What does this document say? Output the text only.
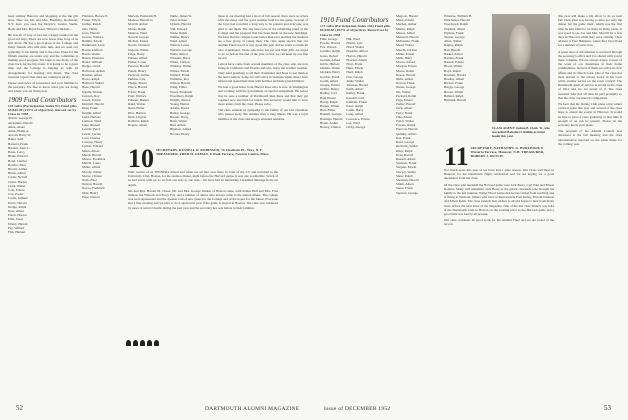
been visiting Hanover and shopping at the Inn gift shop. Here are Mr. and Mrs. Bradbury, Rochester, N.Y. have you seen the Dreyer's, Grants, Snells, Beals and Mrs. Boyd Sweet, Wilson's children...

He was all of very of last and a happy reunion in the good old days. There are now fewer than forty of us still about. He has a good place at the College and many friends who will miss him, and we send our sympathy to his family and to the class. Plans for the fiftieth reunion are under way and the committee is making good progress. We hope to see many of the class back for the big event. It is going to be a great time and the College is helping us with all arrangements for housing and meals. The class treasurer reports that dues are coming in nicely.

Please send news of yourselves and your families to the secretary. We like to know what you are doing and where you are living now.

1909 Fund Contributors
145 Gifts (Participation Index 91) Fund gifts $4,845.49 (113% of objective). Record set by Class in 1958
Abbott, George H.
Alexander, Harold
Allen, Abner
Ames, Philip A.
Arnold, Harry W.
Baker, Seth
Barnard, Frank
Bartlett, John C.
Bates, Leroy
Blake, Edward
Bond, Charles
Bowles, Eliot
Brown, Arthur
Burns, Albert
Carter, Newell
Chase, Harlan
Clark, Walter
Cole, Edwin
Cox, Porter
Curtis, Samuel
Davis, Harold
Dodge, Ralph
Dow, Albert
Eaton, Horace
Ellis, Jonas
Emery, Harold
Fay, Willard
Fisk, Herbert
Flanders, Horace E.
Foster, Edwin
Gallup, Ralph
Gile, Henry
Goss, Harold
Graves, Wallace
Hamlin, Edwin
Hammond, Leon
Harris, Clifford
Hatch, Walter
Hazen, Emerson
Heald, William
Hodge, Lloyd
Holbrook, Arthur
Hosmer, Albert
Howe, Ralph
Hubbard, Walter
Huse, Harold
Ingalls, Warren
Jackson, Roy
Jewett, Edwin
Kimball, Harold
King, Frank
Knight, Albert
Ladd, Herbert
Lamson, Ward
Lane, Russell
Leavitt, Percy
Lewis, Lucius
Lord, Charles
Lovejoy, Henry
Lyman, Edward
Mann, Albert
Marsh, Harold
Mason, Frederick
Merrill, Louis
Miller, Alfred
Moody, Walter
Morse, Clinton
Nash, Eliot
Nelson, Harold
Noyes, Frederick
Olds, Henry
Page, Warren
Merwin, Frederick H.
Monroe, Harold G.
Morrill, Arthur
Moses, Ralph
Munroe, Ward
Newell, George
Nichols, Ernest
Norris, Clarence
Osgood, Walter
Paige, Harry
Palmer, Alfred
Parker, Loren
Parsons, Harold
Patten, Henry
Peabody, Arthur
Perkins, Lyle
Phelps, Ernest
Pierce, Harold
Porter, Frank
Pratt, Wallace
Putnam, Harlan
Rand, Walter
Reed, Elmer
Rice, Herbert
Rich, Clayton
Robbins, Ralph
Rogers, Albert
Tuttle, James W.
Tyler, Robert
Upham, Harold
Vail, Edward
Wade, Ralph
Walker, Henry
Ward, Albert
Warren, Lester
Webster, George
Wells, Alfred
Wheeler, Harry
White, Carlton
Whitney, Walter
Wilder, Edwin
Willard, Frank
Williams, Roy
Wilson, Harold
Wing, Elmer
Wood, Frederick
Woodbury, Ralph
Wright, Warren
Young, Harlan
Adams, Ernest
Bailey, George
Barrett, Harry
Bean, Walter
Bell, Arthur
Bigelow, Alfred
Brooks, Henry
10 SECRETARY, RUSSELL D. ROBINSON, 16 Chatham Pl., Troy, N.Y. TREASURER, FRED H. OSMAN. 8 Walk Terrace, Newton Centre, Mass.

Well, twelve of us TENNERS mixed and when we all met over there in front of the CV and travelled to the University Club, Boston, for the reunion dinner, night before the Harvard game. It was one worthwhile. Seven of us had wives with us, so we had one lady to one side... We have had an interesting Christmas message from our Agent.

Mr. and Mrs. Harold M. Chase, Mr. and Mrs. George Walker of Boston came, with Arthur Bell and Mrs. Fred Osman, the Wilsons and Percy Fox, and a number of others who always come to the annual dinner. The college was well represented and the speaker told of new plans for the College and of the hopes for the future. Everyone had a fine evening and we plan to do it again next year if the game is played in Boston. The class was saddened by news of several deaths during the past year and the secretary has sent letters to their families.

those at our meeting had a short of fall season; there were no wives with the many and the good weather held for the game. Several of the boys had travelled a long way to be present and everyone was glad to see them. The big news was of the rebuilding plans at the College and the progress that has been made on the new buildings. We hear that the campus looks better than ever and that the students are a fine group of young men. The class agent reports that our Alumni Fund record is very good this year and he wants to thank all who contributed. Those who have not yet sent their gifts are urged to do so before the end of the year so that we can keep up our fine record.

Letters have come from several members of the class who are now living in California and Florida and who enjoy the warmer weather. They send greetings to all their classmates and hope to see them at the next reunion. Some are still active in business while others have retired and spend their time with hobbies and their grandchildren.

We had a good letter from Harold Ross who is now in Washington and working with the government on special assignment. He writes that he sees a number of Dartmouth men there and that they get together now and then for lunch. The secretary would like to have more letters from the class. Please write.

The class extends its sympathy to the family of our late classmate who passed away this autumn after a long illness. He was a loyal member of the class and always attended reunions.

52	DARTMOUTH ALUMNI MAGAZINE
1910 Fund Contributors
173 Gifts (Participation Index 102) Fund gifts $9,550.63 (102% of objective). Record set by Class in 1958
Flint, George
Fowler, Harold
Fox, Warren
Gardner, Ralph
Gates, Robert
Gerrish, Alfred
Gibbs, Herbert
Gilman, Walter
Glidden, Harry
Gordon, Frank
Gould, Albert
Greene, Edwin
Griffin, Henry
Hadley, Carl
Hall, Ernest
Hardy, Ralph
Harper, Walter
Hart, Elmer
Haskell, George
Hastings, Harold
Heath, Arthur
Hersey, Clinton
Hill, Ward
Hobbs, Lyle
Hood, Walter
Hopkins, Alfred
Horton, Harold
Howard, Albert
Hoyt, Frank
Hunt, Edwin
Hurd, Ralph
Ives, George
Jenks, Walter
Johnson, Harold
Keith, Albert
Kelley, Frank
Kendall, Carl
Kimball, Ernest
Knox, Ralph
Lamb, Harry
Lang, Alfred
Lawrence, Edwin
Lee, Ward
Libby, George
Magoon, Harold
Mann, Edwin
Marden, Arthur
Martin, Ralph
Mason, Albert
Maxwell, Harold
McKenzie, Frank
Mead, Walter
Merrill, Carlton
Miller, Ernest
Mills, Harry
Moore, Alfred
Morgan, Edwin
Morse, Ralph
Nason, Harold
Nims, Albert
Norton, Frank
Nutter, George
Orr, Walter
Packard, Ralph
Page, Ernest
Parker, Harold
Peck, Albert
Perry, Frank
Pike, Edwin
Potter, Walter
Powers, Ralph
Prescott, Harold
Quimby, Albert
Ray, Frank
Read, George
Richards, Walter
Riley, Ralph
Ross, Harold
Russell, Albert
Sanborn, Frank
Sargent, Edwin
Sawyer, Walter
Shaw, Ralph
Sherman, Harold
Smith, Albert
Snow, Frank
Spencer, George
Winslow, William H.
Winchester, Harold
Woodward, Ralph
Worthen, Albert
Wyman, Frank
Yeaton, George
Allen, Walter
Bagley, Ralph
Ball, Harold
Barker, Albert
Bartlett, Frank
Bassett, Edwin
Blood, Walter
Boyd, Ralph
Brackett, Harold
Bradley, Albert
Brewer, Frank
Briggs, George
Brown, Walter
Bullard, Ralph
Burbank, Harold
CLASS AGENT: Joshua B. Clark '11, who succeeded Malcolm O. Rollins as Fund leader this year.
11 SECRETARY, NATHANIEL G. BURLEIGH, 6 Wisteria Terrace, Hanover, N.H. TREASURER, ROBERT J. DUTCH.

Not much news this year as we have had a quiet season. Our Class will meet in Hanover for the Dartmouth Night celebration and we are hoping for a good attendance from the class.

Of the class who attended the Harvard game were Jack Berry, Curt Paul and Ernest Roberts. Many will remember Jack Berry as the genial classmate who brought his family to the last reunion. Walter Hood writes that he has retired from teaching and is living in Vermont. Others who have written include Fred Kelley, Harold Johnson and Albert Keith. The class extends best wishes to all and hopes to hear from many more before the next issue of the magazine. One of the last class dinners was held at the Dartmouth Club in Boston on the evening prior to the Harvard game and a good time was had by all present.

Our class continues its good work for the Alumni Fund and we are proud of the record.

this year will make a big effort to do so next fall. Dick Paul was having to miss not only the dinner but the game itself, which was the first time he had failed to be there in many years. It was good to see Joe and Mrs. Morrill for a few days in Hanover while they were visiting. Their address is East Hampton, where they have lived for a number of years now.

A great deal of information is received through the secretary's office and it is shared with you in these columns. We are always happy to hear of the work of our classmates in their home communities. Several of them are active in civic affairs and in church work. One of the class has been elected to the school board in his town while another serves on the town council. The Dartmouth spirit of service is strong in the class of 1911 and we are proud of it. The class treasurer asks that all dues be paid promptly so that the class can meet its obligations.

We hear that the Outing Club plans a big winter carnival again this year and several of the class hope to attend the events in Hanover. It would be fine to have a class gathering at that time if enough of us can be present. Please let the secretary know your plans.

The program of the Alumni Council was discussed at the fall meeting and the class representative reported on the plans made for the coming year.

Issue of DECEMBER 1952	53
